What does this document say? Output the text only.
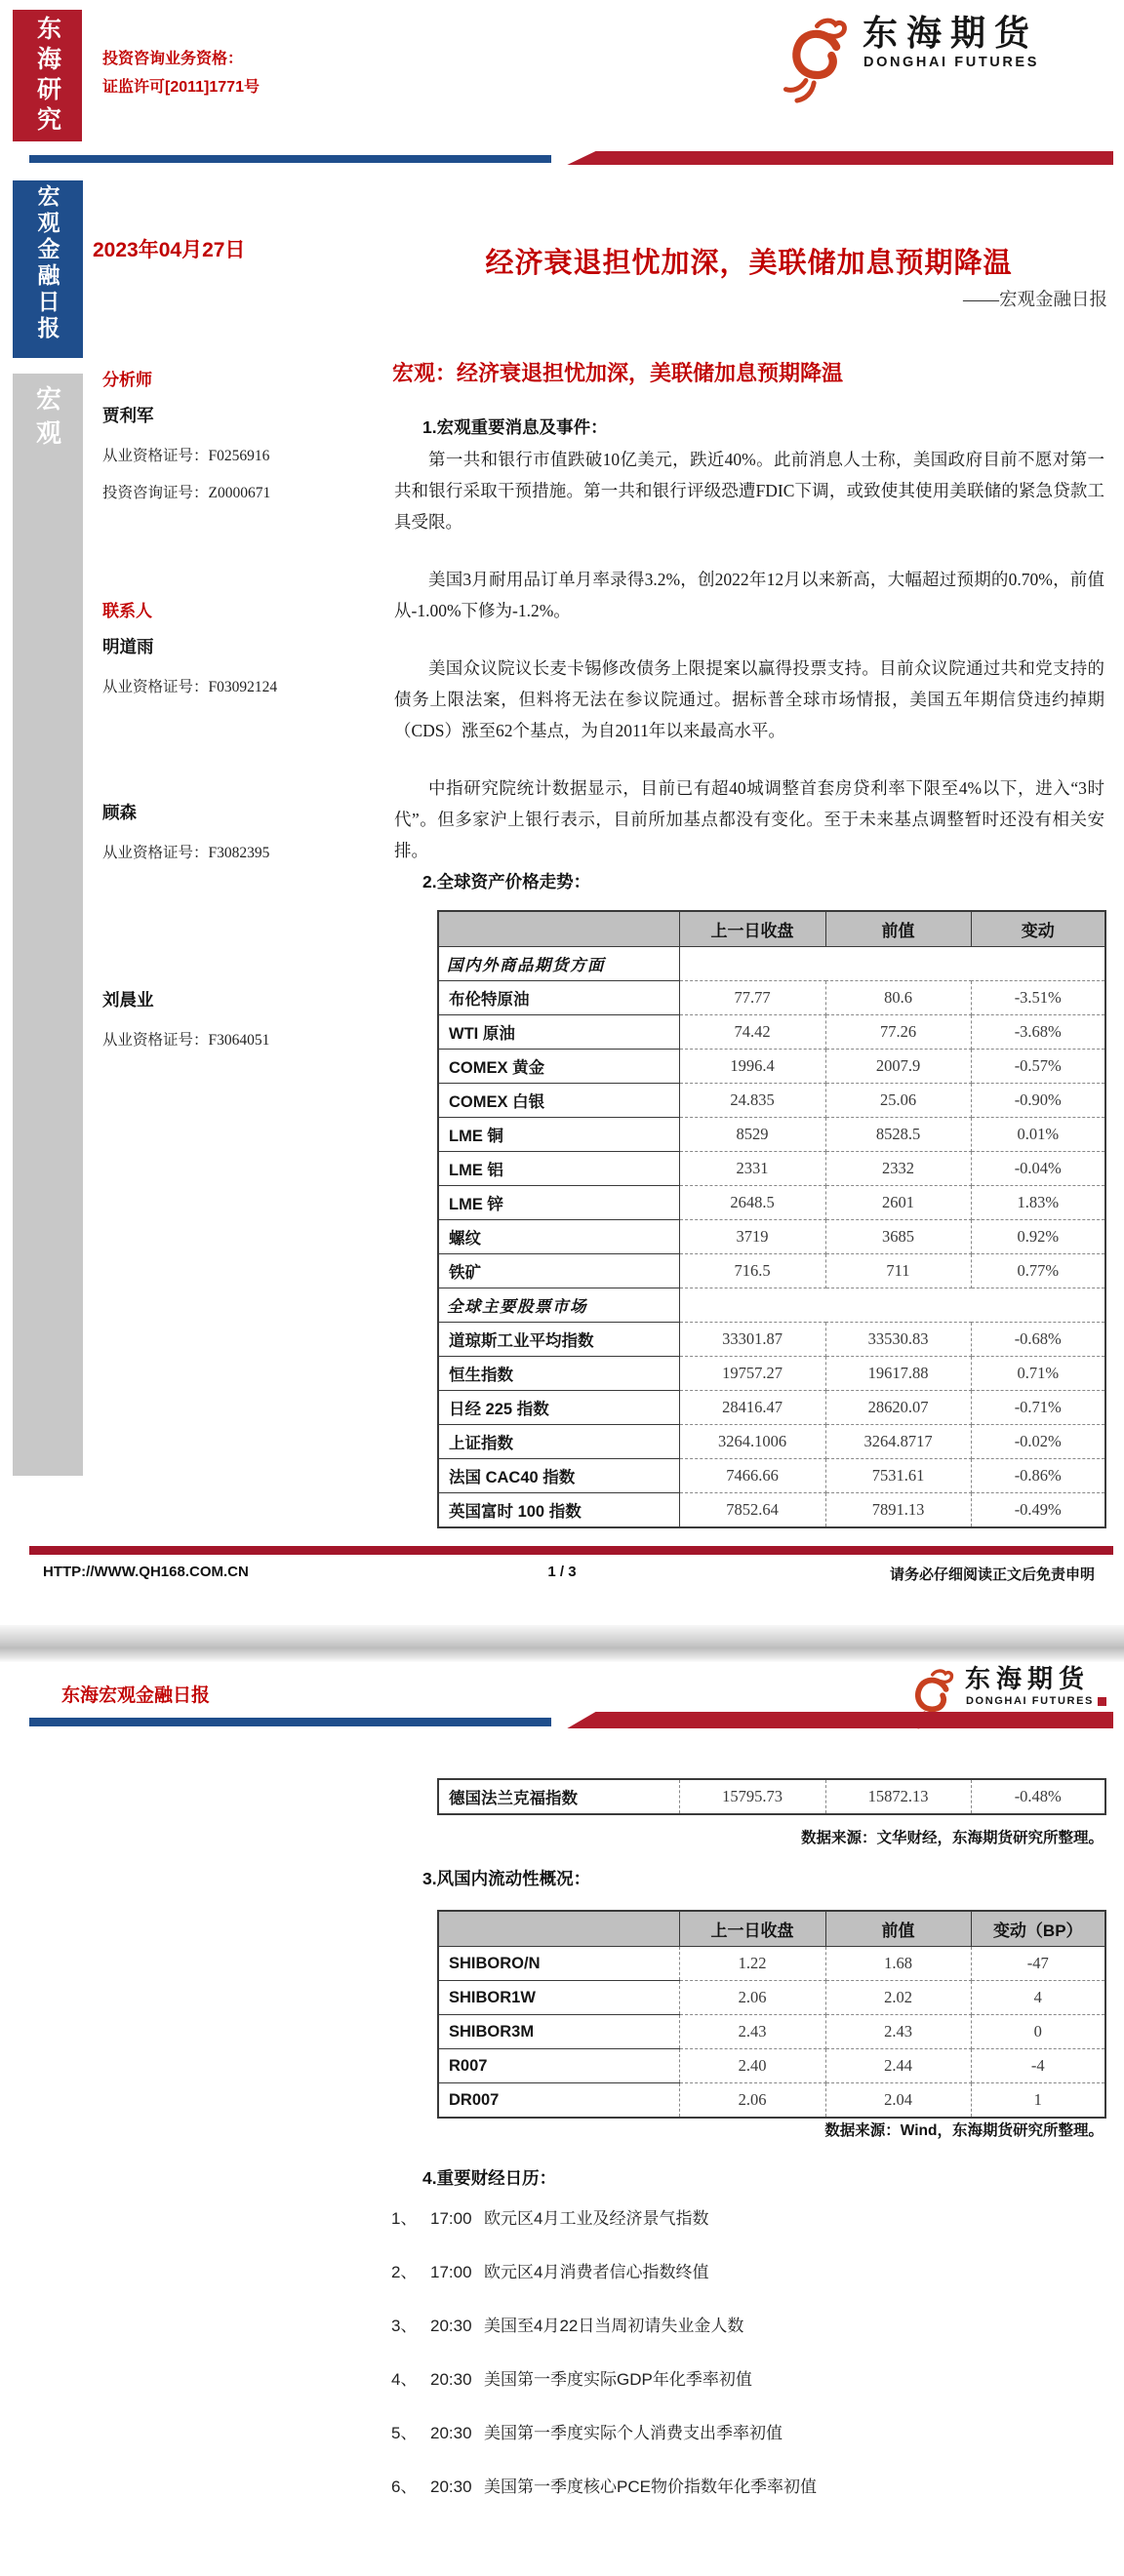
东海研究	投资咨询业务资格：
证监许可[2011]1771号
东海期货
DONGHAI FUTURES
宏观金融日报
宏观
2023年04月27日	经济衰退担忧加深，美联储加息预期降温
——宏观金融日报
分析师
贾利军
从业资格证号：F0256916
投资咨询证号：Z0000671
联系人
明道雨
从业资格证号：F03092124
顾森
从业资格证号：F3082395
刘晨业
从业资格证号：F3064051
宏观：经济衰退担忧加深，美联储加息预期降温
1.宏观重要消息及事件：

第一共和银行市值跌破10亿美元，跌近40%。此前消息人士称，美国政府目前不愿对第一共和银行采取干预措施。第一共和银行评级恐遭FDIC下调，或致使其使用美联储的紧急贷款工具受限。

美国3月耐用品订单月率录得3.2%，创2022年12月以来新高，大幅超过预期的0.70%，前值从-1.00%下修为-1.2%。

美国众议院议长麦卡锡修改债务上限提案以赢得投票支持。目前众议院通过共和党支持的债务上限法案，但料将无法在参议院通过。据标普全球市场情报，美国五年期信贷违约掉期（CDS）涨至62个基点，为自2011年以来最高水平。

中指研究院统计数据显示，目前已有超40城调整首套房贷利率下限至4%以下，进入“3时代”。但多家沪上银行表示，目前所加基点都没有变化。至于未来基点调整暂时还没有相关安排。

2.全球资产价格走势：
	上一日收盘	前值	变动
国内外商品期货方面			
布伦特原油	77.77	80.6	-3.51%
WTI 原油	74.42	77.26	-3.68%
COMEX 黄金	1996.4	2007.9	-0.57%
COMEX 白银	24.835	25.06	-0.90%
LME 铜	8529	8528.5	0.01%
LME 铝	2331	2332	-0.04%
LME 锌	2648.5	2601	1.83%
螺纹	3719	3685	0.92%
铁矿	716.5	711	0.77%
全球主要股票市场			
道琼斯工业平均指数	33301.87	33530.83	-0.68%
恒生指数	19757.27	19617.88	0.71%
日经 225 指数	28416.47	28620.07	-0.71%
上证指数	3264.1006	3264.8717	-0.02%
法国 CAC40 指数	7466.66	7531.61	-0.86%
英国富时 100 指数	7852.64	7891.13	-0.49%
HTTP://WWW.QH168.COM.CN	1 / 3	请务必仔细阅读正文后免责申明
东海宏观金融日报
东海期货
DONGHAI FUTURES
德国法兰克福指数	15795.73	15872.13	-0.48%
数据来源：文华财经，东海期货研究所整理。
3.风国内流动性概况：
	上一日收盘	前值	变动（BP）
SHIBORO/N	1.22	1.68	-47
SHIBOR1W	2.06	2.02	4
SHIBOR3M	2.43	2.43	0
R007	2.40	2.44	-4
DR007	2.06	2.04	1
数据来源：Wind，东海期货研究所整理。
4.重要财经日历：
1、 17:00 欧元区4月工业及经济景气指数
2、 17:00 欧元区4月消费者信心指数终值
3、 20:30 美国至4月22日当周初请失业金人数
4、 20:30 美国第一季度实际GDP年化季率初值
5、 20:30 美国第一季度实际个人消费支出季率初值
6、 20:30 美国第一季度核心PCE物价指数年化季率初值
